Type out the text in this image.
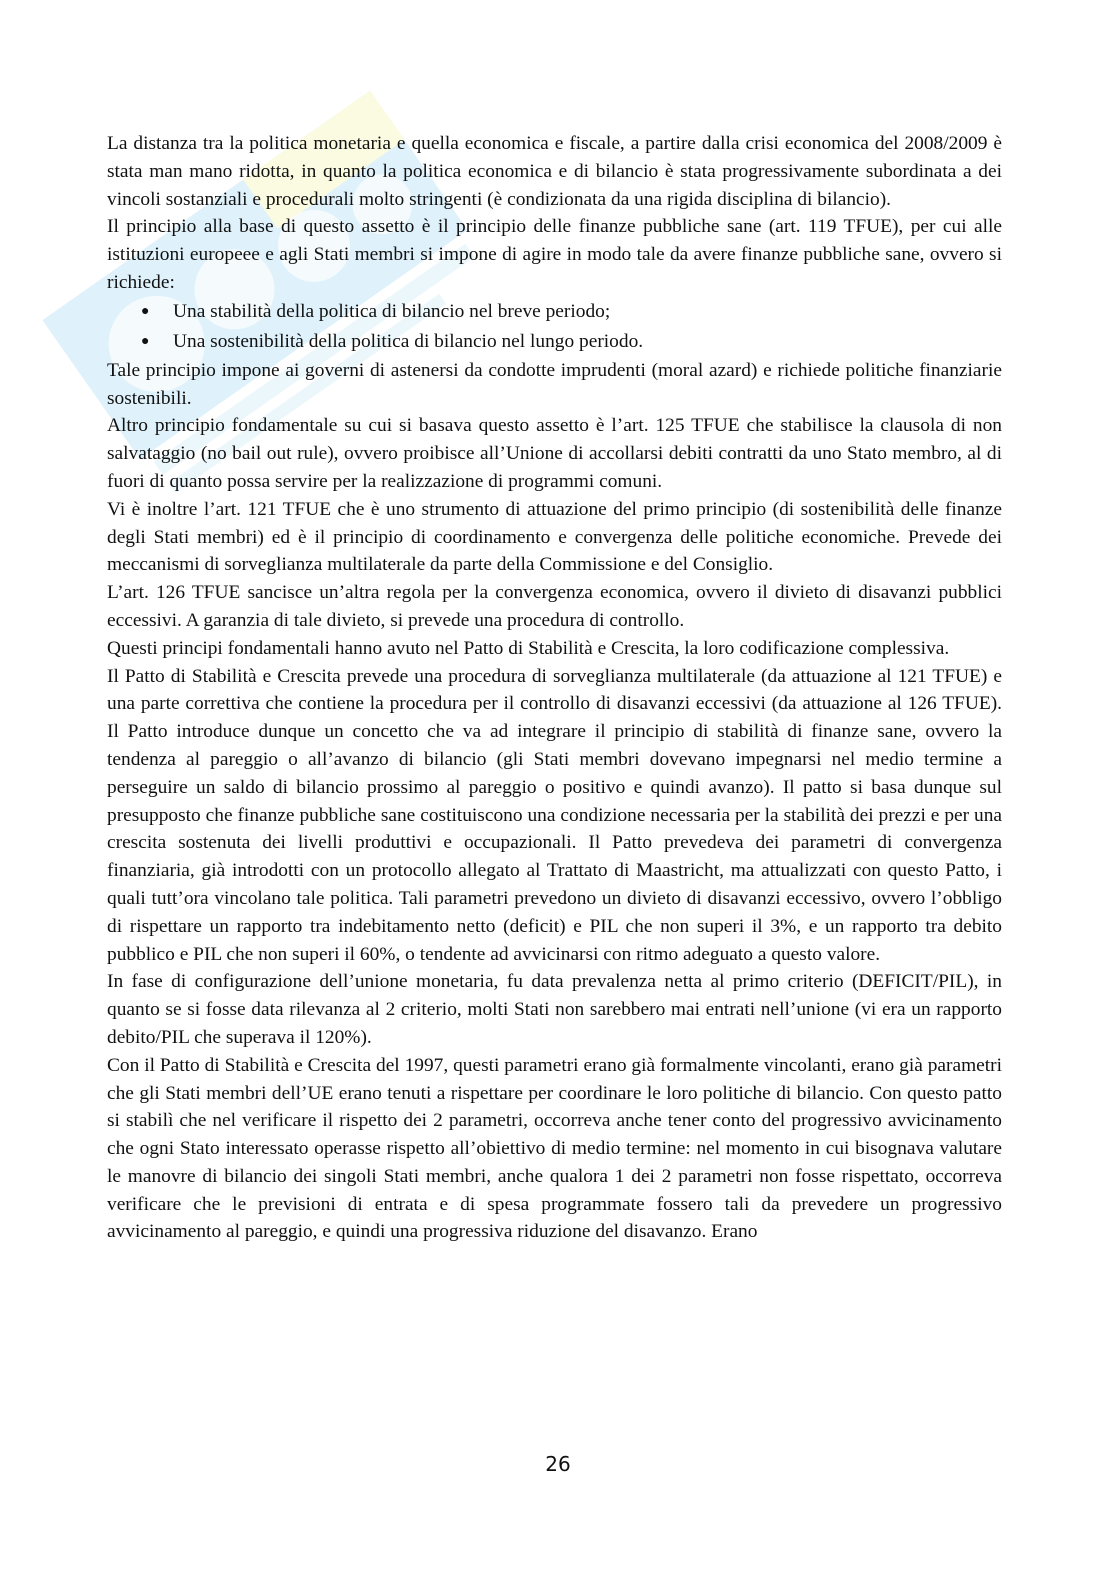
La distanza tra la politica monetaria e quella economica e fiscale, a partire dalla crisi economica del 2008/2009 è stata man mano ridotta, in quanto la politica economica e di bilancio è stata progressivamente subordinata a dei vincoli sostanziali e procedurali molto stringenti (è condizionata da una rigida disciplina di bilancio).

Il principio alla base di questo assetto è il principio delle finanze pubbliche sane (art. 119 TFUE), per cui alle istituzioni europeee e agli Stati membri si impone di agire in modo tale da avere finanze pubbliche sane, ovvero si richiede:

● Una stabilità della politica di bilancio nel breve periodo;
● Una sostenibilità della politica di bilancio nel lungo periodo.

Tale principio impone ai governi di astenersi da condotte imprudenti (moral azard) e richiede politiche finanziarie sostenibili.

Altro principio fondamentale su cui si basava questo assetto è l’art. 125 TFUE che stabilisce la clausola di non salvataggio (no bail out rule), ovvero proibisce all’Unione di accollarsi debiti contratti da uno Stato membro, al di fuori di quanto possa servire per la realizzazione di programmi comuni.

Vi è inoltre l’art. 121 TFUE che è uno strumento di attuazione del primo principio (di sostenibilità delle finanze degli Stati membri) ed è il principio di coordinamento e convergenza delle politiche economiche. Prevede dei meccanismi di sorveglianza multilaterale da parte della Commissione e del Consiglio.

L’art. 126 TFUE sancisce un’altra regola per la convergenza economica, ovvero il divieto di disavanzi pubblici eccessivi. A garanzia di tale divieto, si prevede una procedura di controllo.

Questi principi fondamentali hanno avuto nel Patto di Stabilità e Crescita, la loro codificazione complessiva.

Il Patto di Stabilità e Crescita prevede una procedura di sorveglianza multilaterale (da attuazione al 121 TFUE) e una parte correttiva che contiene la procedura per il controllo di disavanzi eccessivi (da attuazione al 126 TFUE). Il Patto introduce dunque un concetto che va ad integrare il principio di stabilità di finanze sane, ovvero la tendenza al pareggio o all’avanzo di bilancio (gli Stati membri dovevano impegnarsi nel medio termine a perseguire un saldo di bilancio prossimo al pareggio o positivo e quindi avanzo). Il patto si basa dunque sul presupposto che finanze pubbliche sane costituiscono una condizione necessaria per la stabilità dei prezzi e per una crescita sostenuta dei livelli produttivi e occupazionali. Il Patto prevedeva dei parametri di convergenza finanziaria, già introdotti con un protocollo allegato al Trattato di Maastricht, ma attualizzati con questo Patto, i quali tutt’ora vincolano tale politica. Tali parametri prevedono un divieto di disavanzi eccessivo, ovvero l’obbligo di rispettare un rapporto tra indebitamento netto (deficit) e PIL che non superi il 3%, e un rapporto tra debito pubblico e PIL che non superi il 60%, o tendente ad avvicinarsi con ritmo adeguato a questo valore.

In fase di configurazione dell’unione monetaria, fu data prevalenza netta al primo criterio (DEFICIT/PIL), in quanto se si fosse data rilevanza al 2 criterio, molti Stati non sarebbero mai entrati nell’unione (vi era un rapporto debito/PIL che superava il 120%).

Con il Patto di Stabilità e Crescita del 1997, questi parametri erano già formalmente vincolanti, erano già parametri che gli Stati membri dell’UE erano tenuti a rispettare per coordinare le loro politiche di bilancio. Con questo patto si stabilì che nel verificare il rispetto dei 2 parametri, occorreva anche tener conto del progressivo avvicinamento che ogni Stato interessato operasse rispetto all’obiettivo di medio termine: nel momento in cui bisognava valutare le manovre di bilancio dei singoli Stati membri, anche qualora 1 dei 2 parametri non fosse rispettato, occorreva verificare che le previsioni di entrata e di spesa programmate fossero tali da prevedere un progressivo avvicinamento al pareggio, e quindi una progressiva riduzione del disavanzo. Erano

26
